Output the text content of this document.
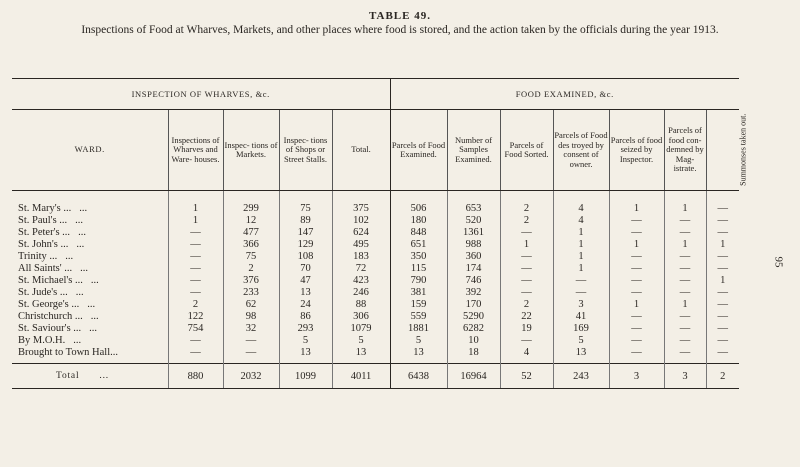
TABLE 49.
Inspections of Food at Wharves, Markets, and other places where food is stored, and the action taken by the officials during the year 1913.
95
INSPECTION OF WHARVES, &c.					FOOD EXAMINED, &c.						
WARD.	Inspections of Wharves and Ware- houses.	Inspec- tions of Markets.	Inspec- tions of Shops or Street Stalls.	Total.	Parcels of Food Examined.	Number of Samples Examined.	Parcels of Food Sorted.	Parcels of Food des troyed by consent of owner.	Parcels of food seized by Inspector.	Parcels of food con- demned by Mag- istrate.	Summonses taken out.
St. Mary's ... ...	1	299	75	375	506	653	2	4	1	1	—
St. Paul's ... ...	1	12	89	102	180	520	2	4	—	—	—
St. Peter's ... ...	—	477	147	624	848	1361	—	1	—	—	—
St. John's ... ...	—	366	129	495	651	988	1	1	1	1	1
Trinity ... ...	—	75	108	183	350	360	—	1	—	—	—
All Saints' ... ...	—	2	70	72	115	174	—	1	—	—	—
St. Michael's ... ...	—	376	47	423	790	746	—	—	—	—	1
St. Jude's ... ...	—	233	13	246	381	392	—	—	—	—	—
St. George's ... ...	2	62	24	88	159	170	2	3	1	1	—
Christchurch ... ...	122	98	86	306	559	5290	22	41	—	—	—
St. Saviour's ... ...	754	32	293	1079	1881	6282	19	169	—	—	—
By M.O.H. ...	—	—	5	5	5	10	—	5	—	—	—
Brought to Town Hall...	—	—	13	13	13	18	4	13	—	—	—
Total ...	880	2032	1099	4011	6438	16964	52	243	3	3	2
